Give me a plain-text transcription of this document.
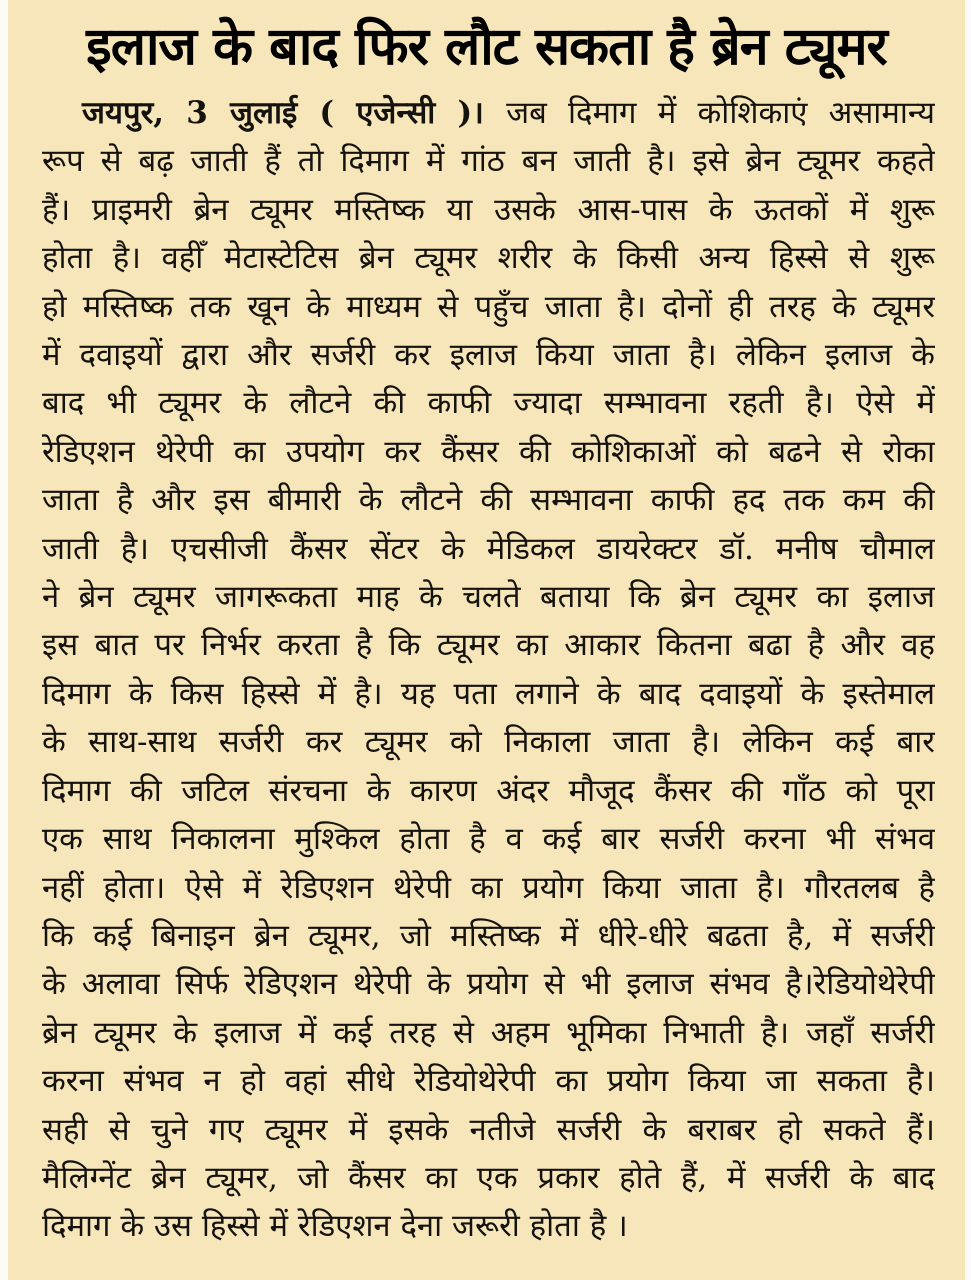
इलाज के बाद फिर लौट सकता है ब्रेन ट्यूमर
जयपुर, 3 जुलाई ( एजेन्सी )। जब दिमाग में कोशिकाएं असामान्य
रूप से बढ़ जाती हैं तो दिमाग में गांठ बन जाती है। इसे ब्रेन ट्यूमर कहते
हैं। प्राइमरी ब्रेन ट्यूमर मस्तिष्क या उसके आस-पास के ऊतकों में शुरू
होता है। वहीँ मेटास्टेटिस ब्रेन ट्यूमर शरीर के किसी अन्य हिस्से से शुरू
हो मस्तिष्क तक खून के माध्यम से पहुँच जाता है। दोनों ही तरह के ट्यूमर
में दवाइयों द्वारा और सर्जरी कर इलाज किया जाता है। लेकिन इलाज के
बाद भी ट्यूमर के लौटने की काफी ज्यादा सम्भावना रहती है। ऐसे में
रेडिएशन थेरेपी का उपयोग कर कैंसर की कोशिकाओं को बढने से रोका
जाता है और इस बीमारी के लौटने की सम्भावना काफी हद तक कम की
जाती है। एचसीजी कैंसर सेंटर के मेडिकल डायरेक्टर डॉ. मनीष चौमाल
ने ब्रेन ट्यूमर जागरूकता माह के चलते बताया कि ब्रेन ट्यूमर का इलाज
इस बात पर निर्भर करता है कि ट्यूमर का आकार कितना बढा है और वह
दिमाग के किस हिस्से में है। यह पता लगाने के बाद दवाइयों के इस्तेमाल
के साथ-साथ सर्जरी कर ट्यूमर को निकाला जाता है। लेकिन कई बार
दिमाग की जटिल संरचना के कारण अंदर मौजूद कैंसर की गाँठ को पूरा
एक साथ निकालना मुश्किल होता है व कई बार सर्जरी करना भी संभव
नहीं होता। ऐसे में रेडिएशन थेरेपी का प्रयोग किया जाता है। गौरतलब है
कि कई बिनाइन ब्रेन ट्यूमर, जो मस्तिष्क में धीरे-धीरे बढता है, में सर्जरी
के अलावा सिर्फ रेडिएशन थेरेपी के प्रयोग से भी इलाज संभव है।रेडियोथेरेपी
ब्रेन ट्यूमर के इलाज में कई तरह से अहम भूमिका निभाती है। जहाँ सर्जरी
करना संभव न हो वहां सीधे रेडियोथेरेपी का प्रयोग किया जा सकता है।
सही से चुने गए ट्यूमर में इसके नतीजे सर्जरी के बराबर हो सकते हैं।
मैलिग्नेंट ब्रेन ट्यूमर, जो कैंसर का एक प्रकार होते हैं, में सर्जरी के बाद
दिमाग के उस हिस्से में रेडिएशन देना जरूरी होता है ।
